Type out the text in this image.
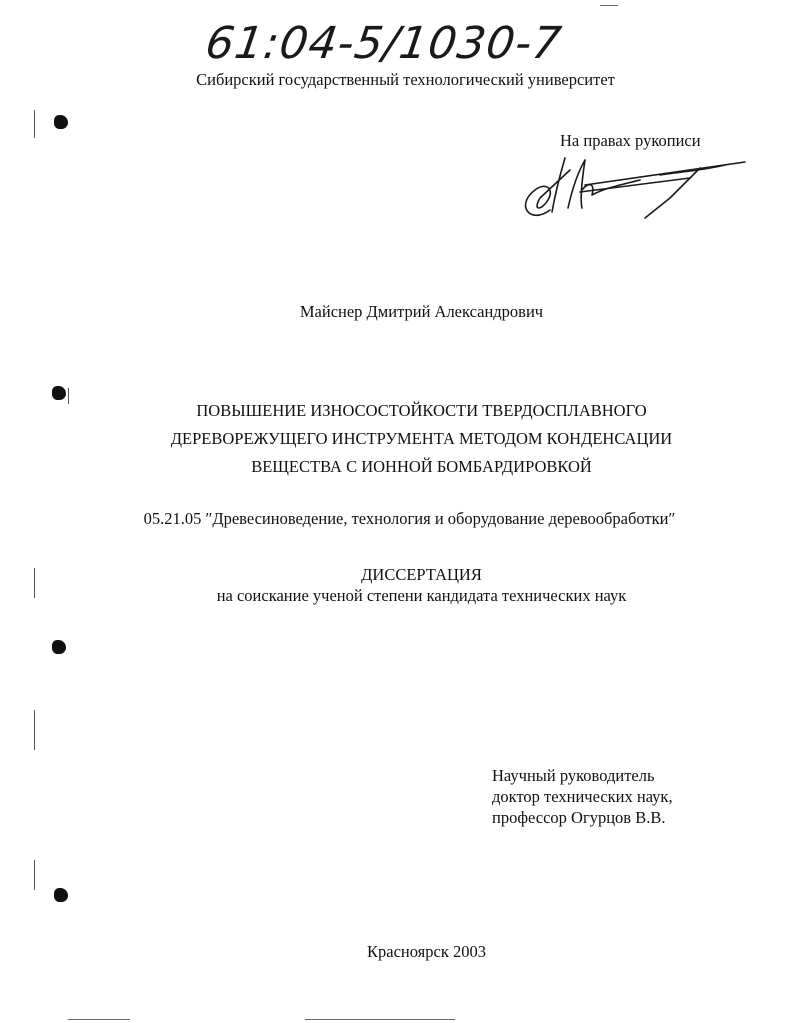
61:04-5/1030-7

Сибирский государственный технологический университет

На правах рукописи

Майснер Дмитрий Александрович

ПОВЫШЕНИЕ ИЗНОСОСТОЙКОСТИ ТВЕРДОСПЛАВНОГО
ДЕРЕВОРЕЖУЩЕГО ИНСТРУМЕНТА МЕТОДОМ КОНДЕНСАЦИИ
ВЕЩЕСТВА С ИОННОЙ БОМБАРДИРОВКОЙ

05.21.05 ″Древесиноведение, технология и оборудование деревообработки″

ДИССЕРТАЦИЯ

на соискание ученой степени кандидата технических наук

Научный руководитель
доктор технических наук,
профессор Огурцов В.В.

Красноярск 2003
